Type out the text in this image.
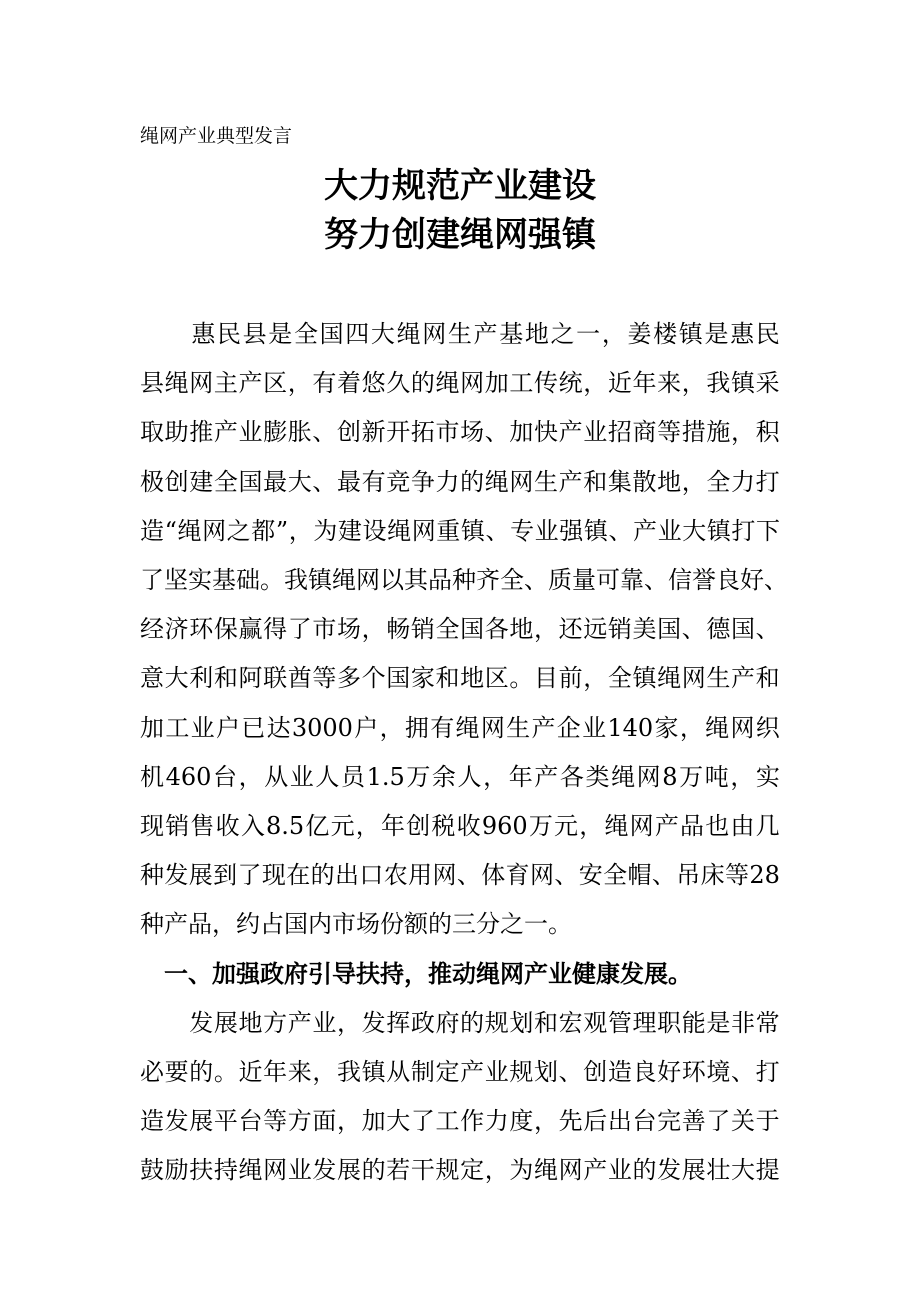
绳网产业典型发言
大力规范产业建设
努力创建绳网强镇

惠 民 县 是 全 国 四 大 绳 网 生 产 基 地 之 一 ， 姜 楼 镇 是 惠 民
县 绳 网 主 产 区 ， 有 着 悠 久 的 绳 网 加 工 传 统 ， 近 年 来 ， 我 镇 采
取 助 推 产 业 膨 胀 、 创 新 开 拓 市 场 、 加 快 产 业 招 商 等 措 施 ， 积
极 创 建 全 国 最 大 、 最 有 竞 争 力 的 绳 网 生 产 和 集 散 地 ， 全 力 打
造 “ 绳 网 之 都 ” ， 为 建 设 绳 网 重 镇 、 专 业 强 镇 、 产 业 大 镇 打 下
了 坚 实 基 础 。 我 镇 绳 网 以 其 品 种 齐 全 、 质 量 可 靠 、 信 誉 良 好 、
经 济 环 保 赢 得 了 市 场 ， 畅 销 全 国 各 地 ， 还 远 销 美 国 、 德 国 、
意 大 利 和 阿 联 酋 等 多 个 国 家 和 地 区 。 目 前 ， 全 镇 绳 网 生 产 和
加 工 业 户 已 达 3000 户 ， 拥 有 绳 网 生 产 企 业 140 家 ， 绳 网 织
机 460 台 ， 从 业 人 员 1.5 万 余 人 ， 年 产 各 类 绳 网 8 万 吨 ， 实
现 销 售 收 入 8.5 亿 元 ， 年 创 税 收 960 万 元 ， 绳 网 产 品 也 由 几
种 发 展 到 了 现 在 的 出 口 农 用 网 、 体 育 网 、 安 全 帽 、 吊 床 等 28
种产品，约占国内市场份额的三分之一。
　一、加强政府引导扶持，推动绳网产业健康发展。

发 展 地 方 产 业 ， 发 挥 政 府 的 规 划 和 宏 观 管 理 职 能 是 非 常
必 要 的 。 近 年 来 ， 我 镇 从 制 定 产 业 规 划 、 创 造 良 好 环 境 、 打
造 发 展 平 台 等 方 面 ， 加 大 了 工 作 力 度 ， 先 后 出 台 完 善 了 关 于
鼓 励 扶 持 绳 网 业 发 展 的 若 干 规 定 ， 为 绳 网 产 业 的 发 展 壮 大 提
